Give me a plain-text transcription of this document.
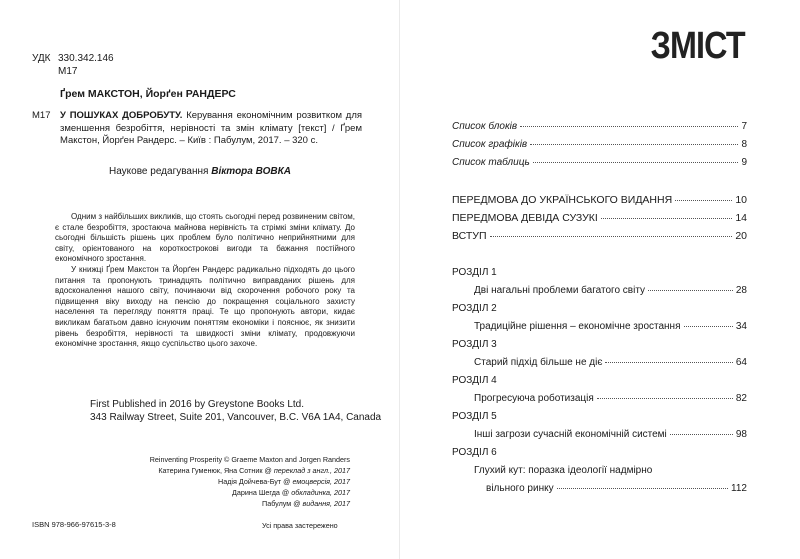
УДК 330.342.146
М17
Ґрем МАКСТОН, Йорґен РАНДЕРС
М17 У ПОШУКАХ ДОБРОБУТУ. Керування економічним розвитком для зменшення безробіття, нерівності та змін клімату [текст] / Ґрем Макстон, Йорґен Рандерс. – Київ : Пабулум, 2017. – 320 с.
Наукове редагування Віктора ВОВКА

Одним з найбільших викликів, що стоять сьогодні перед розвиненим світом, є стале безробіття, зростаюча майнова нерівність та стрімкі зміни клімату. До сьогодні більшість рішень цих проблем було політично неприйнятними для світу, орієнтованого на короткострокові вигоди та бажання постійного економічного зростання.

У книжці Ґрем Макстон та Йорґен Рандерс радикально підходять до цього питання та пропонують тринадцять політично виправданих рішень для вдосконалення нашого світу, починаючи від скорочення робочого року та підвищення віку виходу на пенсію до покращення соціального захисту населення та перегляду поняття праці. Те що пропонують автори, кидає викликам багатьом давно існуючим поняттям економіки і пояснює, як знизити рівень безробіття, нерівності та швидкості зміни клімату, продовжуючи економічне зростання, якщо суспільство цього захоче.

First Published in 2016 by Greystone Books Ltd.
343 Railway Street, Suite 201, Vancouver, B.C. V6A 1A4, Canada
Reinventing Prosperity © Graeme Maxton and Jorgen Randers
Катерина Гуменюк, Яна Сотник @ переклад з англ., 2017
Надія Дойчева-Бут @ емоцверсія, 2017
Дарина Шегда @ обкладинка, 2017
Пабулум @ видання, 2017
ISBN 978-966-97615-3-8	Усі права застережено
ЗМІСТ
Список блоків	7
Список графіків	8
Список таблиць	9
ПЕРЕДМОВА ДО УКРАЇНСЬКОГО ВИДАННЯ	10
ПЕРЕДМОВА ДЕВІДА СУЗУКІ	14
ВСТУП	20
РОЗДІЛ 1
Дві нагальні проблеми багатого світу	28
РОЗДІЛ 2
Традиційне рішення – економічне зростання	34
РОЗДІЛ 3
Старий підхід більше не діє	64
РОЗДІЛ 4
Прогресуюча роботизація	82
РОЗДІЛ 5
Інші загрози сучасній економічній системі	98
РОЗДІЛ 6
Глухий кут: поразка ідеології надмірно
вільного ринку	112
